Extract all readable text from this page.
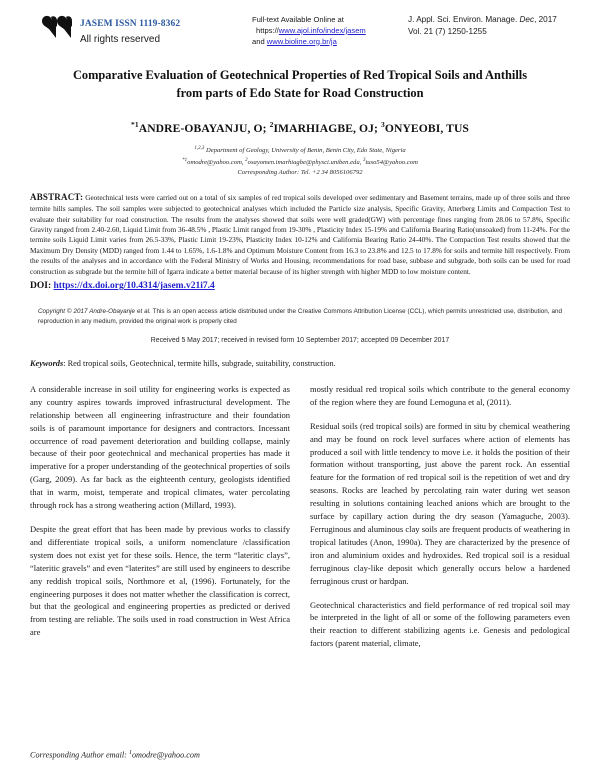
JASEM ISSN 1119-8362
All rights reserved
Full-text Available Online at
https://www.ajol.info/index/jasem
and www.bioline.org.br/ja
J. Appl. Sci. Environ. Manage. Dec, 2017
Vol. 21 (7) 1250-1255
Comparative Evaluation of Geotechnical Properties of Red Tropical Soils and Anthills
from parts of Edo State for Road Construction
$^{*1}$ANDRE-OBAYANJU, O; $^2$IMARHIAGBE, OJ; $^3$ONYEOBI, TUS
$^{1,2,3}$ Department of Geology, University of Benin, Benin City, Edo State, Nigeria
$^{*1}$omodre@yahoo.com, $^2$osayomen.imarhiagbe@physci.uniben.edu, $^3$tuso54@yahoo.com
Corresponding Author: Tel. +2 34 8056106792
ABSTRACT: Geotechnical tests were carried out on a total of six samples of red tropical soils developed over sedimentary and Basement terrains, made up of three soils and three termite hills samples. The soil samples were subjected to geotechnical analyses which included the Particle size analysis, Specific Gravity, Atterberg Limits and Compaction Test to evaluate their suitability for road construction. The results from the analyses showed that soils were well graded(GW) with percentage fines ranging from 28.06 to 57.8%, Specific Gravity ranged from 2.40-2.60, Liquid Limit from 36-48.5% , Plastic Limit ranged from 19-30% , Plasticity Index 15-19% and California Bearing Ratio(unsoaked) from 11-24%. For the termite soils Liquid Limit varies from 26.5-33%, Plastic Limit 19-23%, Plasticity Index 10-12% and California Bearing Ratio 24-40%. The Compaction Test results showed that the Maximum Dry Density (MDD) ranged from 1.44 to 1.65%, 1.6-1.8% and Optimum Moisture Content from 16.3 to 23.8% and 12.5 to 17.8% for soils and termite hill respectively. From the results of the analyses and in accordance with the Federal Ministry of Works and Housing, recommendations for road base, subbase and subgrade, both soils can be used for road construction as subgrade but the termite hill of Igarra indicate a better material because of its higher strength with higher MDD to low moisture content.
DOI: https://dx.doi.org/10.4314/jasem.v21i7.4
Copyright © 2017 Andre-Obayanje et al. This is an open access article distributed under the Creative Commons Attribution License (CCL), which permits unrestricted use, distribution, and reproduction in any medium, provided the original work is properly cited
Received 5 May 2017; received in revised form 10 September 2017; accepted 09 December 2017
Keywords: Red tropical soils, Geotechnical, termite hills, subgrade, suitability, construction.

A considerable increase in soil utility for engineering works is expected as any country aspires towards improved infrastructural development. The relationship between all engineering infrastructure and their foundation soils is of paramount importance for designers and contractors. Incessant occurrence of road pavement deterioration and building collapse, mainly because of their poor geotechnical and mechanical properties has made it imperative for a proper understanding of the geotechnical properties of soils (Garg, 2009). As far back as the eighteenth century, geologists identified that in warm, moist, temperate and tropical climates, water percolating through rock has a strong weathering action (Millard, 1993).

Despite the great effort that has been made by previous works to classify and differentiate tropical soils, a uniform nomenclature /classification system does not exist yet for these soils. Hence, the term “lateritic clays”, “lateritic gravels” and even “laterites” are still used by engineers to describe any reddish tropical soils, Northmore et al, (1996). Fortunately, for the engineering purposes it does not matter whether the classification is correct, but that the geological and engineering properties as predicted or derived from testing are reliable. The soils used in road construction in West Africa are

mostly residual red tropical soils which contribute to the general economy of the region where they are found Lemoguna et al, (2011).

Residual soils (red tropical soils) are formed in situ by chemical weathering and may be found on rock level surfaces where action of elements has produced a soil with little tendency to move i.e. it holds the position of their formation without transporting, just above the parent rock. An essential feature for the formation of red tropical soil is the repetition of wet and dry seasons. Rocks are leached by percolating rain water during wet season resulting in solutions containing leached anions which are brought to the surface by capillary action during the dry season (Yamaguche, 2003). Ferruginous and aluminous clay soils are frequent products of weathering in tropical latitudes (Anon, 1990a). They are characterized by the presence of iron and aluminium oxides and hydroxides. Red tropical soil is a residual ferruginous clay-like deposit which generally occurs below a hardened ferruginous crust or hardpan.

Geotechnical characteristics and field performance of red tropical soil may be interpreted in the light of all or some of the following parameters even their reaction to different stabilizing agents i.e. Genesis and pedological factors (parent material, climate,

Corresponding Author email: $^1$omodre@yahoo.com
